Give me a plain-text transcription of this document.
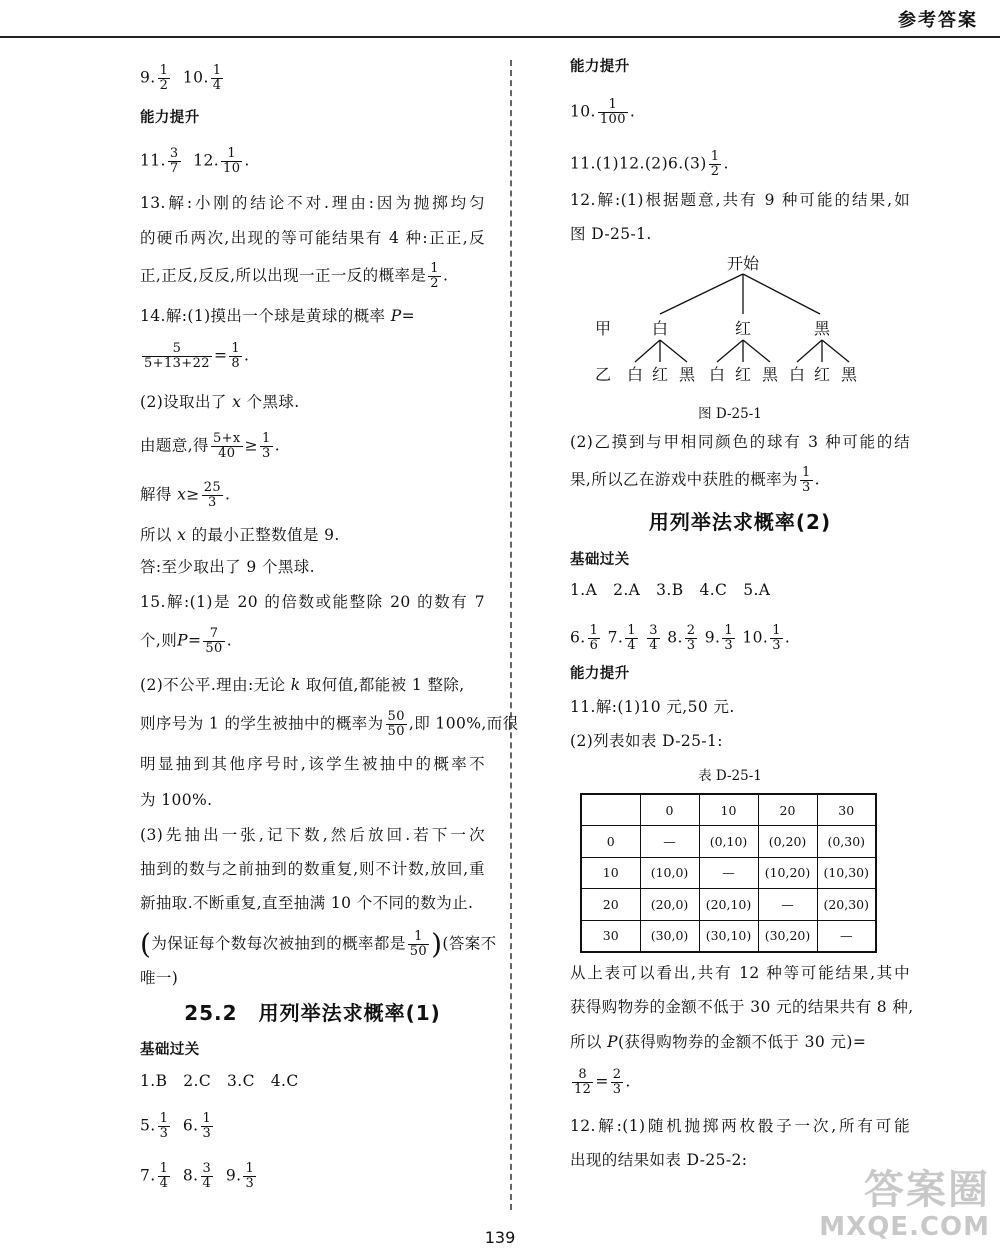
参考答案
9. $\frac{1}{2} 10$. $\frac{1}{4}$
能力提升
11. $\frac{3}{7} 12$. $\frac{1}{10}$ .
13.解:小刚的结论不对.理由:因为抛掷均匀
的硬币两次,出现的等可能结果有 4 种:正正,反
正,正反,反反,所以出现一正一反的概率是 $\frac{1}{2}$ .
14.解:(1)摸出一个球是黄球的概率 P=
$\frac{5}{5+13+22} = \frac{1}{8}$ .
(2)设取出了 x 个黑球.
由题意,得 $\frac{5+x}{40} \ge \frac{1}{3}$ .
解得 $x\ge \frac{25}{3}$ .
所以 x 的最小正整数值是 9.
答:至少取出了 9 个黑球.
15.解:(1)是 20 的倍数或能整除 20 的数有 7
个,则$P= \frac{7}{50}$ .
(2)不公平.理由:无论 k 取何值,都能被 1 整除,
则序号为 1 的学生被抽中的概率为 $\frac{50}{50}$ ,即 100%,而很
明显抽到其他序号时,该学生被抽中的概率不
为 100%.
(3)先抽出一张,记下数,然后放回.若下一次
抽到的数与之前抽到的数重复,则不计数,放回,重
新抽取.不断重复,直至抽满 10 个不同的数为止.
(为保证每个数每次被抽到的概率都是 $\frac{1}{50}$ )(答案不
唯一)
25.2　用列举法求概率(1)
基础过关
1.B　2.C　3.C　4.C
5. $\frac{1}{3} 6$. $\frac{1}{3}$
7. $\frac{1}{4} 8$. $\frac{3}{4} 9$. $\frac{1}{3}$
能力提升
10. $\frac{1}{100}$ .
$11.(1)12.(2)6.(3) \frac{1}{2}$ .
12.解:(1)根据题意,共有 9 种可能的结果,如
图 D-25-1.
开始
甲
乙
白	红	黑
白 红 黑 白 红 黑 白 红 黑
图 D-25-1
(2)乙摸到与甲相同颜色的球有 3 种可能的结
果,所以乙在游戏中获胜的概率为 $\frac{1}{3}$ .
用列举法求概率(2)
基础过关
1.A　2.A　3.B　4.C　5.A
6. $\frac{1}{6} 7$. $\frac{1}{4}$
$\frac{3}{4} 8$. $\frac{2}{3} 9$. $\frac{1}{3} 10$. $\frac{1}{3}$ .
能力提升
11.解:(1)10 元,50 元.
(2)列表如表 D-25-1:
表 D-25-1
	0	10	20	30
0	—	(0,10)	(0,20)	(0,30)
10	(10,0)	—	(10,20)	(10,30)
20	(20,0)	(20,10)	—	(20,30)
30	(30,0)	(30,10)	(30,20)	—
从上表可以看出,共有 12 种等可能结果,其中
获得购物券的金额不低于 30 元的结果共有 8 种,
所以 P(获得购物券的金额不低于 30 元)=
$\frac{8}{12} = \frac{2}{3}$ .
12.解:(1)随机抛掷两枚骰子一次,所有可能
出现的结果如表 D-25-2:
答案圈
MXQE.COM
139
